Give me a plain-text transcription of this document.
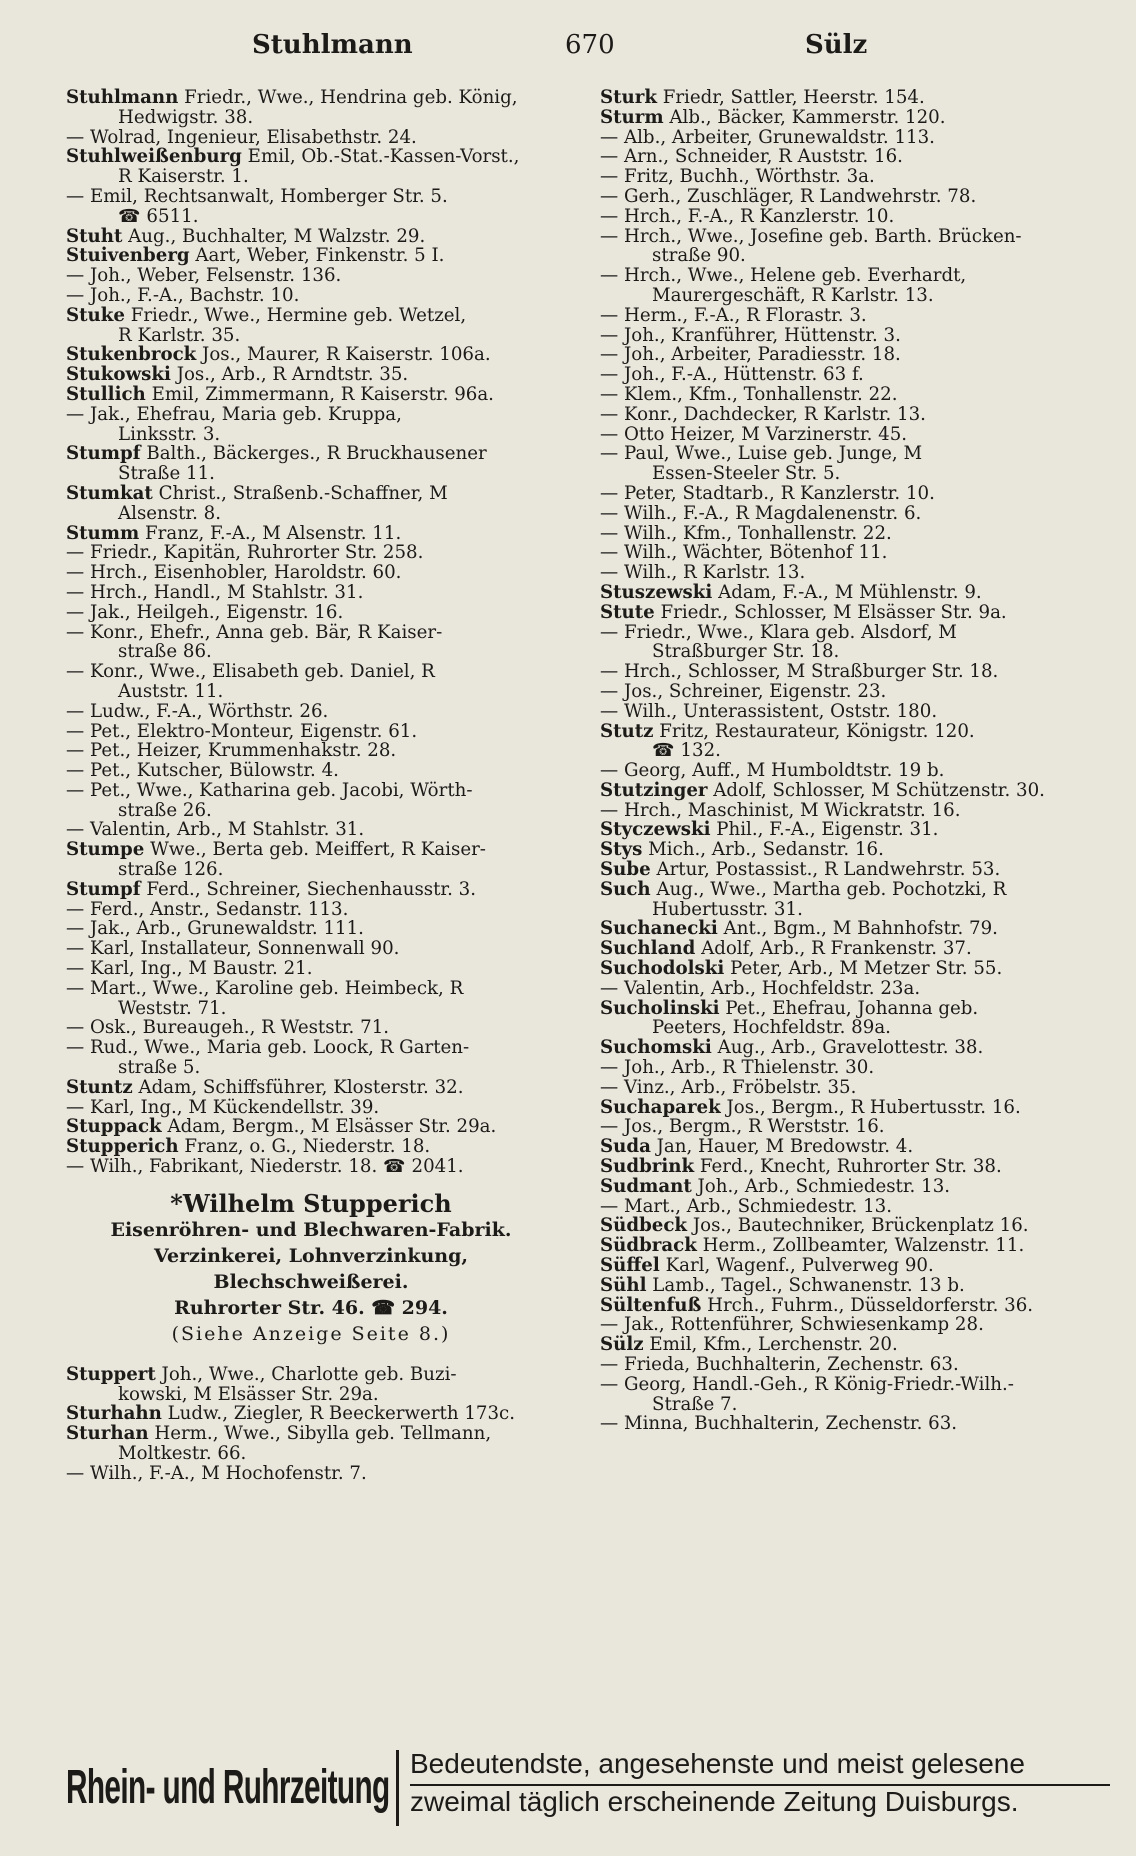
Stuhlmann	670	Sülz

Stuhlmann Friedr., Wwe., Hendrina geb. König,

Hedwigstr. 38.

— Wolrad, Ingenieur, Elisabethstr. 24.

Stuhlweißenburg Emil, Ob.-Stat.-Kassen-Vorst.,

R Kaiserstr. 1.

— Emil, Rechtsanwalt, Homberger Str. 5.

☎ 6511.

Stuht Aug., Buchhalter, M Walzstr. 29.

Stuivenberg Aart, Weber, Finkenstr. 5 I.

— Joh., Weber, Felsenstr. 136.

— Joh., F.-A., Bachstr. 10.

Stuke Friedr., Wwe., Hermine geb. Wetzel,

R Karlstr. 35.

Stukenbrock Jos., Maurer, R Kaiserstr. 106a.

Stukowski Jos., Arb., R Arndtstr. 35.

Stullich Emil, Zimmermann, R Kaiserstr. 96a.

— Jak., Ehefrau, Maria geb. Kruppa,

Linksstr. 3.

Stumpf Balth., Bäckerges., R Bruckhausener

Straße 11.

Stumkat Christ., Straßenb.-Schaffner, M

Alsenstr. 8.

Stumm Franz, F.-A., M Alsenstr. 11.

— Friedr., Kapitän, Ruhrorter Str. 258.

— Hrch., Eisenhobler, Haroldstr. 60.

— Hrch., Handl., M Stahlstr. 31.

— Jak., Heilgeh., Eigenstr. 16.

— Konr., Ehefr., Anna geb. Bär, R Kaiser-

straße 86.

— Konr., Wwe., Elisabeth geb. Daniel, R

Auststr. 11.

— Ludw., F.-A., Wörthstr. 26.

— Pet., Elektro-Monteur, Eigenstr. 61.

— Pet., Heizer, Krummenhakstr. 28.

— Pet., Kutscher, Bülowstr. 4.

— Pet., Wwe., Katharina geb. Jacobi, Wörth-

straße 26.

— Valentin, Arb., M Stahlstr. 31.

Stumpe Wwe., Berta geb. Meiffert, R Kaiser-

straße 126.

Stumpf Ferd., Schreiner, Siechenhausstr. 3.

— Ferd., Anstr., Sedanstr. 113.

— Jak., Arb., Grunewaldstr. 111.

— Karl, Installateur, Sonnenwall 90.

— Karl, Ing., M Baustr. 21.

— Mart., Wwe., Karoline geb. Heimbeck, R

Weststr. 71.

— Osk., Bureaugeh., R Weststr. 71.

— Rud., Wwe., Maria geb. Loock, R Garten-

straße 5.

Stuntz Adam, Schiffsführer, Klosterstr. 32.

— Karl, Ing., M Kückendellstr. 39.

Stuppack Adam, Bergm., M Elsässer Str. 29a.

Stupperich Franz, o. G., Niederstr. 18.

— Wilh., Fabrikant, Niederstr. 18. ☎ 2041.

*Wilhelm Stupperich
Eisenröhren- und Blechwaren-Fabrik.
Verzinkerei, Lohnverzinkung, Blechschweißerei.
Ruhrorter Str. 46. ☎ 294.
(Siehe Anzeige Seite 8.)

Stuppert Joh., Wwe., Charlotte geb. Buzi-

kowski, M Elsässer Str. 29a.

Sturhahn Ludw., Ziegler, R Beeckerwerth 173c.

Sturhan Herm., Wwe., Sibylla geb. Tellmann,

Moltkestr. 66.

— Wilh., F.-A., M Hochofenstr. 7.

Sturk Friedr, Sattler, Heerstr. 154.

Sturm Alb., Bäcker, Kammerstr. 120.

— Alb., Arbeiter, Grunewaldstr. 113.

— Arn., Schneider, R Auststr. 16.

— Fritz, Buchh., Wörthstr. 3a.

— Gerh., Zuschläger, R Landwehrstr. 78.

— Hrch., F.-A., R Kanzlerstr. 10.

— Hrch., Wwe., Josefine geb. Barth. Brücken-

straße 90.

— Hrch., Wwe., Helene geb. Everhardt,

Maurergeschäft, R Karlstr. 13.

— Herm., F.-A., R Florastr. 3.

— Joh., Kranführer, Hüttenstr. 3.

— Joh., Arbeiter, Paradiesstr. 18.

— Joh., F.-A., Hüttenstr. 63 f.

— Klem., Kfm., Tonhallenstr. 22.

— Konr., Dachdecker, R Karlstr. 13.

— Otto Heizer, M Varzinerstr. 45.

— Paul, Wwe., Luise geb. Junge, M

Essen-Steeler Str. 5.

— Peter, Stadtarb., R Kanzlerstr. 10.

— Wilh., F.-A., R Magdalenenstr. 6.

— Wilh., Kfm., Tonhallenstr. 22.

— Wilh., Wächter, Bötenhof 11.

— Wilh., R Karlstr. 13.

Stuszewski Adam, F.-A., M Mühlenstr. 9.

Stute Friedr., Schlosser, M Elsässer Str. 9a.

— Friedr., Wwe., Klara geb. Alsdorf, M

Straßburger Str. 18.

— Hrch., Schlosser, M Straßburger Str. 18.

— Jos., Schreiner, Eigenstr. 23.

— Wilh., Unterassistent, Oststr. 180.

Stutz Fritz, Restaurateur, Königstr. 120.

☎ 132.

— Georg, Auff., M Humboldtstr. 19 b.

Stutzinger Adolf, Schlosser, M Schützenstr. 30.

— Hrch., Maschinist, M Wickratstr. 16.

Styczewski Phil., F.-A., Eigenstr. 31.

Stys Mich., Arb., Sedanstr. 16.

Sube Artur, Postassist., R Landwehrstr. 53.

Such Aug., Wwe., Martha geb. Pochotzki, R

Hubertusstr. 31.

Suchanecki Ant., Bgm., M Bahnhofstr. 79.

Suchland Adolf, Arb., R Frankenstr. 37.

Suchodolski Peter, Arb., M Metzer Str. 55.

— Valentin, Arb., Hochfeldstr. 23a.

Sucholinski Pet., Ehefrau, Johanna geb.

Peeters, Hochfeldstr. 89a.

Suchomski Aug., Arb., Gravelottestr. 38.

— Joh., Arb., R Thielenstr. 30.

— Vinz., Arb., Fröbelstr. 35.

Suchaparek Jos., Bergm., R Hubertusstr. 16.

— Jos., Bergm., R Werststr. 16.

Suda Jan, Hauer, M Bredowstr. 4.

Sudbrink Ferd., Knecht, Ruhrorter Str. 38.

Sudmant Joh., Arb., Schmiedestr. 13.

— Mart., Arb., Schmiedestr. 13.

Südbeck Jos., Bautechniker, Brückenplatz 16.

Südbrack Herm., Zollbeamter, Walzenstr. 11.

Süffel Karl, Wagenf., Pulverweg 90.

Sühl Lamb., Tagel., Schwanenstr. 13 b.

Sültenfuß Hrch., Fuhrm., Düsseldorferstr. 36.

— Jak., Rottenführer, Schwiesenkamp 28.

Sülz Emil, Kfm., Lerchenstr. 20.

— Frieda, Buchhalterin, Zechenstr. 63.

— Georg, Handl.-Geh., R König-Friedr.-Wilh.-

Straße 7.

— Minna, Buchhalterin, Zechenstr. 63.

Rhein- und Ruhrzeitung Bedeutendste, angesehenste und meist gelesene
zweimal täglich erscheinende Zeitung Duisburgs.
